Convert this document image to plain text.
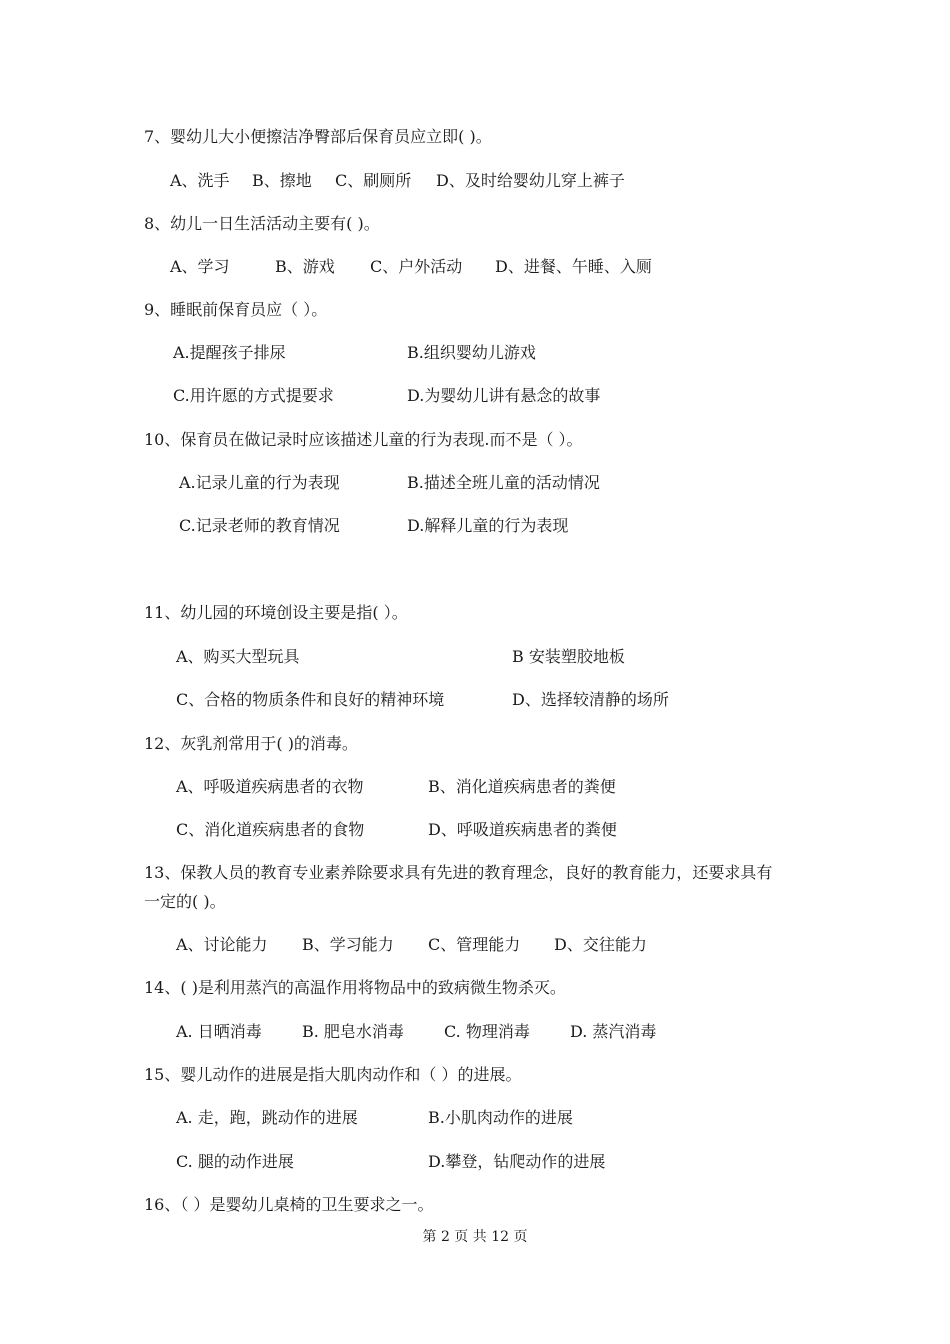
7、婴幼儿大小便擦洁净臀部后保育员应立即( )。
A、洗手 B、擦地 C、刷厕所 D、及时给婴幼儿穿上裤子
8、幼儿一日生活活动主要有( )。
A、学习	B、游戏 C、户外活动 D、进餐、午睡、入厕
9、睡眠前保育员应（ ）。
A.提醒孩子排尿	B.组织婴幼儿游戏
C.用许愿的方式提要求	D.为婴幼儿讲有悬念的故事
10、保育员在做记录时应该描述儿童的行为表现.而不是（ ）。
A.记录儿童的行为表现	B.描述全班儿童的活动情况
C.记录老师的教育情况	D.解释儿童的行为表现
11、幼儿园的环境创设主要是指( ）。
A、购买大型玩具	B 安装塑胶地板
C、合格的物质条件和良好的精神环境	D、选择较清静的场所
12、灰乳剂常用于( )的消毒。
A、呼吸道疾病患者的衣物	B、消化道疾病患者的粪便
C、消化道疾病患者的食物	D、呼吸道疾病患者的粪便
13、保教人员的教育专业素养除要求具有先进的教育理念，良好的教育能力，还要求具有
一定的( )。
A、讨论能力 B、学习能力 C、管理能力 D、交往能力
14、( )是利用蒸汽的高温作用将物品中的致病微生物杀灭。
A. 日晒消毒	B. 肥皂水消毒	C. 物理消毒	D. 蒸汽消毒
15、婴儿动作的进展是指大肌肉动作和（ ）的进展。
A. 走，跑，跳动作的进展	B.小肌肉动作的进展
C. 腿的动作进展	D.攀登，钻爬动作的进展
16、（ ）是婴幼儿桌椅的卫生要求之一。
第 2 页 共 12 页
